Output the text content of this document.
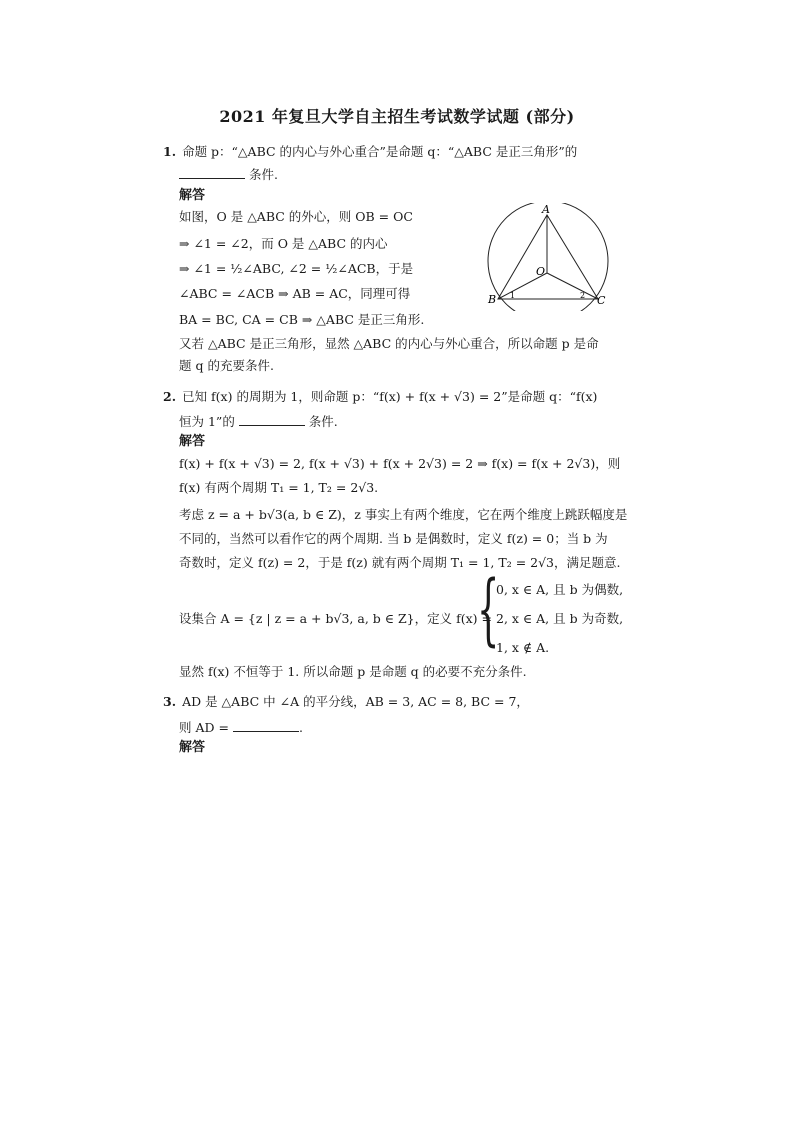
2021 年复旦大学自主招生考试数学试题 (部分)
1. 命题 p：“△ABC 的内心与外心重合”是命题 q：“△ABC 是正三角形”的
条件.
解答
如图，O 是 △ABC 的外心，则 OB = OC
⇒ ∠1 = ∠2，而 O 是 △ABC 的内心
⇒ ∠1 = ½∠ABC, ∠2 = ½∠ACB，于是
∠ABC = ∠ACB ⇒ AB = AC，同理可得
BA = BC, CA = CB ⇒ △ABC 是正三角形.
又若 △ABC 是正三角形，显然 △ABC 的内心与外心重合，所以命题 p 是命
题 q 的充要条件.
A
B	C
O
1	2
2. 已知 f(x) 的周期为 1，则命题 p：“f(x) + f(x + √3) = 2”是命题 q：“f(x)
恒为 1”的	条件.
解答
f(x) + f(x + √3) = 2, f(x + √3) + f(x + 2√3) = 2 ⇒ f(x) = f(x + 2√3)，则
f(x) 有两个周期 T₁ = 1, T₂ = 2√3.
考虑 z = a + b√3(a, b ∈ Z)，z 事实上有两个维度，它在两个维度上跳跃幅度是
不同的，当然可以看作它的两个周期. 当 b 是偶数时，定义 f(z) = 0；当 b 为
奇数时，定义 f(z) = 2，于是 f(z) 就有两个周期 T₁ = 1, T₂ = 2√3，满足题意.
设集合 A = {z | z = a + b√3, a, b ∈ Z}，定义 f(x) =
{
0, x ∈ A, 且 b 为偶数,
2, x ∈ A, 且 b 为奇数,
1, x ∉ A.
显然 f(x) 不恒等于 1. 所以命题 p 是命题 q 的必要不充分条件.
3. AD 是 △ABC 中 ∠A 的平分线，AB = 3, AC = 8, BC = 7，
则 AD =	.
解答
